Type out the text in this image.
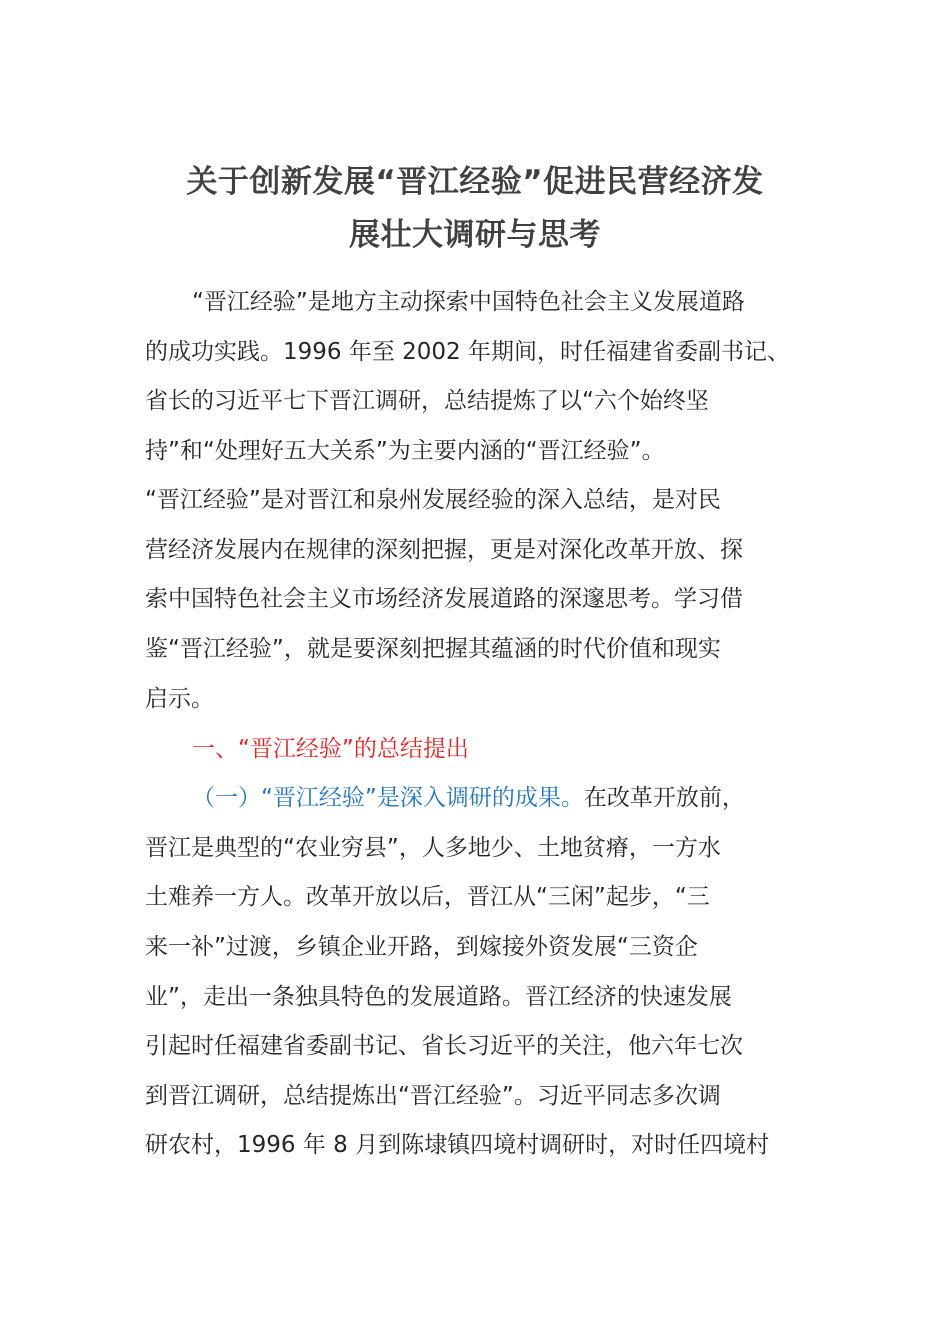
关于创新发展“晋江经验”促进民营经济发
展壮大调研与思考
“晋江经验”是地方主动探索中国特色社会主义发展道路
的成功实践。1996 年至 2002 年期间，时任福建省委副书记、
省长的习近平七下晋江调研，总结提炼了以“六个始终坚
持”和“处理好五大关系”为主要内涵的“晋江经验”。
“晋江经验”是对晋江和泉州发展经验的深入总结，是对民
营经济发展内在规律的深刻把握，更是对深化改革开放、探
索中国特色社会主义市场经济发展道路的深邃思考。学习借
鉴“晋江经验”，就是要深刻把握其蕴涵的时代价值和现实
启示。
一、“晋江经验”的总结提出
（一）“晋江经验”是深入调研的成果。在改革开放前，
晋江是典型的“农业穷县”，人多地少、土地贫瘠，一方水
土难养一方人。改革开放以后，晋江从“三闲”起步，“三
来一补”过渡，乡镇企业开路，到嫁接外资发展“三资企
业”，走出一条独具特色的发展道路。晋江经济的快速发展
引起时任福建省委副书记、省长习近平的关注，他六年七次
到晋江调研，总结提炼出“晋江经验”。习近平同志多次调
研农村，1996 年 8 月到陈埭镇四境村调研时，对时任四境村
